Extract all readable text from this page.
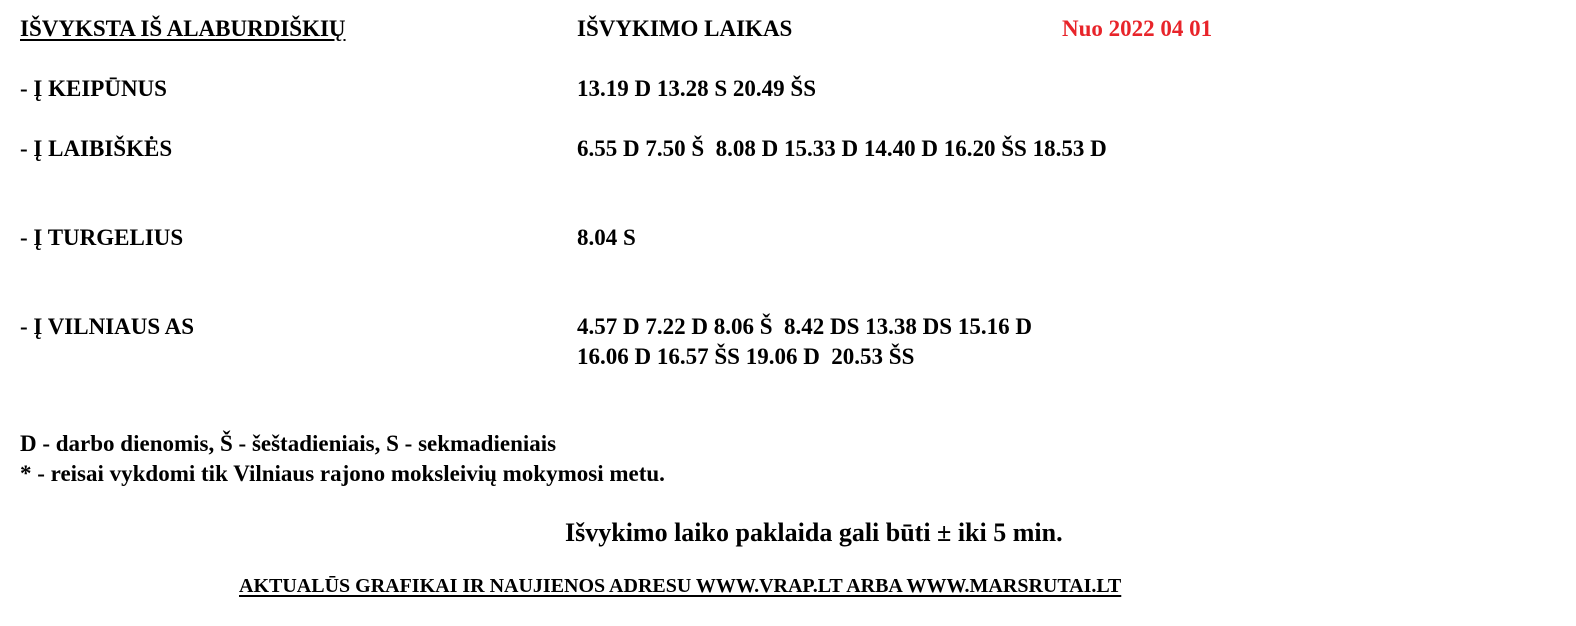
IŠVYKSTA IŠ ALABURDIŠKIŲ	IŠVYKIMO LAIKAS	Nuo 2022 04 01
- Į KEIPŪNUS	13.19 D 13.28 S 20.49 ŠS
- Į LAIBIŠKĖS	6.55 D 7.50 Š  8.08 D 15.33 D 14.40 D 16.20 ŠS 18.53 D
- Į TURGELIUS	8.04 S
- Į VILNIAUS AS	4.57 D 7.22 D 8.06 Š  8.42 DS 13.38 DS 15.16 D
16.06 D 16.57 ŠS 19.06 D  20.53 ŠS
D - darbo dienomis, Š - šeštadieniais, S - sekmadieniais
* - reisai vykdomi tik Vilniaus rajono moksleivių mokymosi metu.
Išvykimo laiko paklaida gali būti ± iki 5 min.
AKTUALŪS GRAFIKAI IR NAUJIENOS ADRESU WWW.VRAP.LT ARBA WWW.MARSRUTAI.LT
